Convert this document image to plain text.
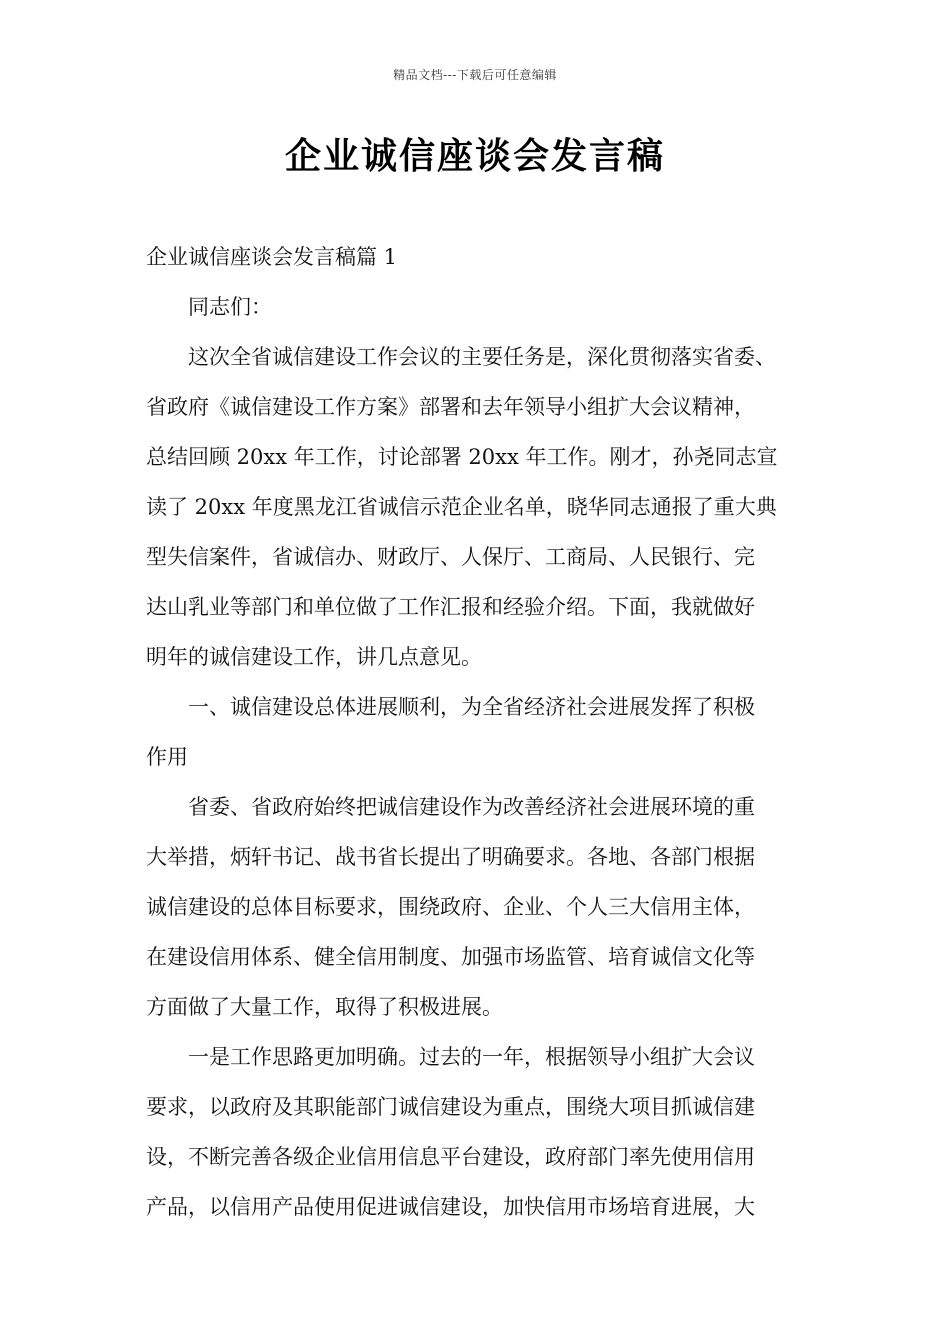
精品文档---下载后可任意编辑
企业诚信座谈会发言稿

企业诚信座谈会发言稿篇 1

　　同志们：

　　这次全省诚信建设工作会议的主要任务是，深化贯彻落实省委、

省政府《诚信建设工作方案》部署和去年领导小组扩大会议精神，

总结回顾 20xx 年工作，讨论部署 20xx 年工作。刚才，孙尧同志宣

读了 20xx 年度黑龙江省诚信示范企业名单，晓华同志通报了重大典

型失信案件，省诚信办、财政厅、人保厅、工商局、人民银行、完

达山乳业等部门和单位做了工作汇报和经验介绍。下面，我就做好

明年的诚信建设工作，讲几点意见。

　　一、诚信建设总体进展顺利，为全省经济社会进展发挥了积极

作用

　　省委、省政府始终把诚信建设作为改善经济社会进展环境的重

大举措，炳轩书记、战书省长提出了明确要求。各地、各部门根据

诚信建设的总体目标要求，围绕政府、企业、个人三大信用主体，

在建设信用体系、健全信用制度、加强市场监管、培育诚信文化等

方面做了大量工作，取得了积极进展。

　　一是工作思路更加明确。过去的一年，根据领导小组扩大会议

要求，以政府及其职能部门诚信建设为重点，围绕大项目抓诚信建

设，不断完善各级企业信用信息平台建设，政府部门率先使用信用

产品，以信用产品使用促进诚信建设，加快信用市场培育进展，大
